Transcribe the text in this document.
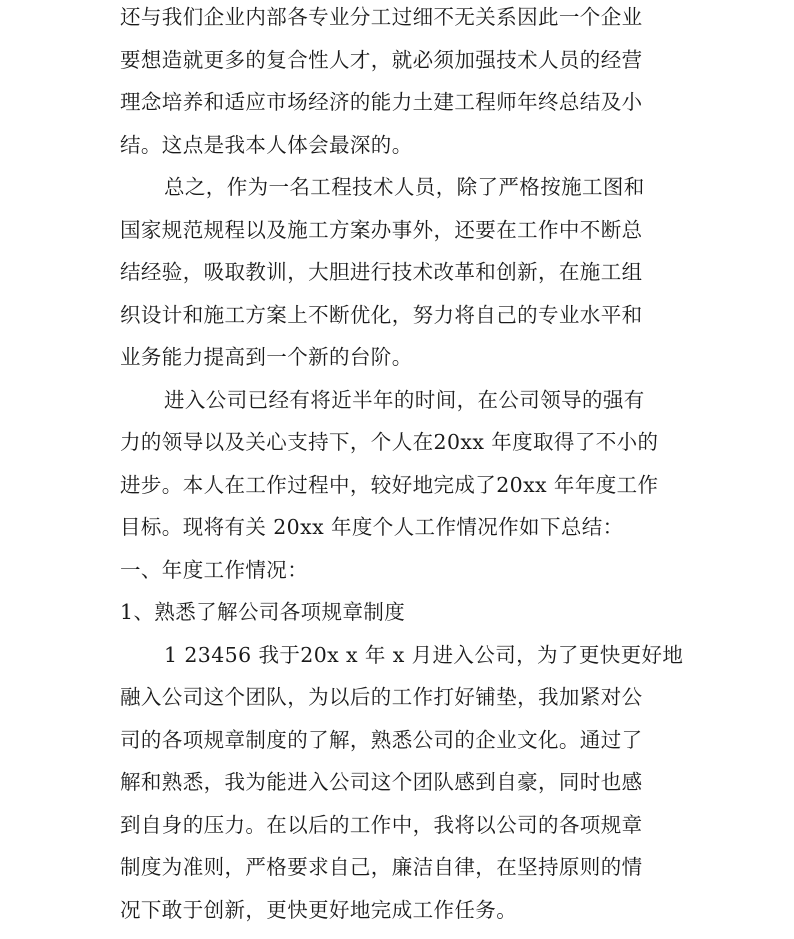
还与我们企业内部各专业分工过细不无关系因此一个企业
要想造就更多的复合性人才，就必须加强技术人员的经营
理念培养和适应市场经济的能力土建工程师年终总结及小
结。这点是我本人体会最深的。
总之，作为一名工程技术人员，除了严格按施工图和
国家规范规程以及施工方案办事外，还要在工作中不断总
结经验，吸取教训，大胆进行技术改革和创新，在施工组
织设计和施工方案上不断优化，努力将自己的专业水平和
业务能力提高到一个新的台阶。
进入公司已经有将近半年的时间，在公司领导的强有
力的领导以及关心支持下，个人在20xx 年度取得了不小的
进步。本人在工作过程中，较好地完成了20xx 年年度工作
目标。现将有关 20xx 年度个人工作情况作如下总结：
一、年度工作情况：
1、熟悉了解公司各项规章制度
1 23456 我于20x x 年 x 月进入公司，为了更快更好地
融入公司这个团队，为以后的工作打好铺垫，我加紧对公
司的各项规章制度的了解，熟悉公司的企业文化。通过了
解和熟悉，我为能进入公司这个团队感到自豪，同时也感
到自身的压力。在以后的工作中，我将以公司的各项规章
制度为准则，严格要求自己，廉洁自律，在坚持原则的情
况下敢于创新，更快更好地完成工作任务。
